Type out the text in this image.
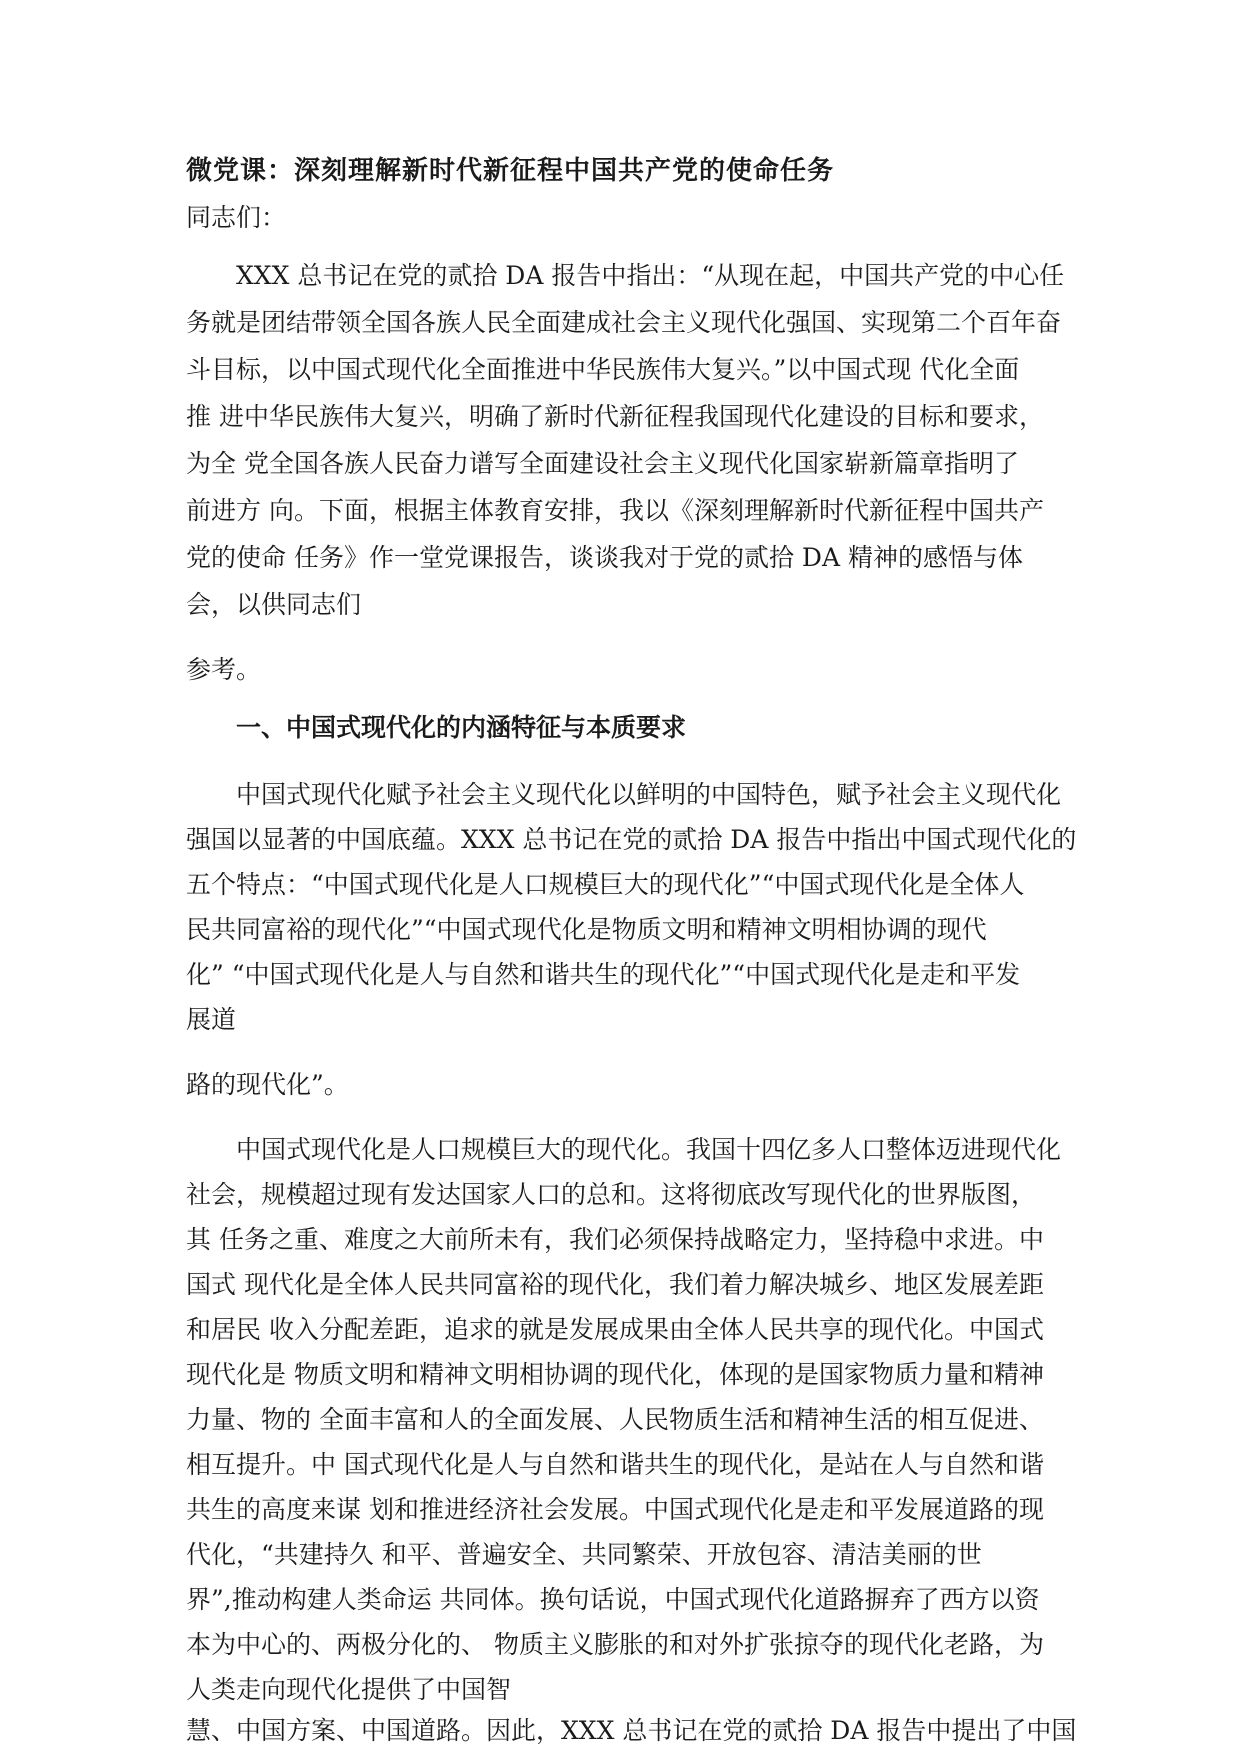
微党课：深刻理解新时代新征程中国共产党的使命任务
同志们：
XXX 总书记在党的贰拾 DA 报告中指出：“从现在起，中国共产党的中心任
务就是团结带领全国各族人民全面建成社会主义现代化强国、实现第二个百年奋
斗目标，以中国式现代化全面推进中华民族伟大复兴。”以中国式现 代化全面
推 进中华民族伟大复兴，明确了新时代新征程我国现代化建设的目标和要求，
为全 党全国各族人民奋力谱写全面建设社会主义现代化国家崭新篇章指明了
前进方 向。下面，根据主体教育安排，我以《深刻理解新时代新征程中国共产
党的使命 任务》作一堂党课报告，谈谈我对于党的贰拾 DA 精神的感悟与体
会，以供同志们
参考。
一、中国式现代化的内涵特征与本质要求
中国式现代化赋予社会主义现代化以鲜明的中国特色，赋予社会主义现代化
强国以显著的中国底蕴。XXX 总书记在党的贰拾 DA 报告中指出中国式现代化的
五个特点：“中国式现代化是人口规模巨大的现代化”“中国式现代化是全体人
民共同富裕的现代化”“中国式现代化是物质文明和精神文明相协调的现代
化” “中国式现代化是人与自然和谐共生的现代化”“中国式现代化是走和平发
展道
路的现代化”。
中国式现代化是人口规模巨大的现代化。我国十四亿多人口整体迈进现代化
社会，规模超过现有发达国家人口的总和。这将彻底改写现代化的世界版图，
其 任务之重、难度之大前所未有，我们必须保持战略定力，坚持稳中求进。中
国式 现代化是全体人民共同富裕的现代化，我们着力解决城乡、地区发展差距
和居民 收入分配差距，追求的就是发展成果由全体人民共享的现代化。中国式
现代化是 物质文明和精神文明相协调的现代化，体现的是国家物质力量和精神
力量、物的 全面丰富和人的全面发展、人民物质生活和精神生活的相互促进、
相互提升。中 国式现代化是人与自然和谐共生的现代化，是站在人与自然和谐
共生的高度来谋 划和推进经济社会发展。中国式现代化是走和平发展道路的现
代化，“共建持久 和平、普遍安全、共同繁荣、开放包容、清洁美丽的世
界”,推动构建人类命运 共同体。换句话说，中国式现代化道路摒弃了西方以资
本为中心的、两极分化的、 物质主义膨胀的和对外扩张掠夺的现代化老路，为
人类走向现代化提供了中国智
慧、中国方案、中国道路。因此，XXX 总书记在党的贰拾 DA 报告中提出了中国
